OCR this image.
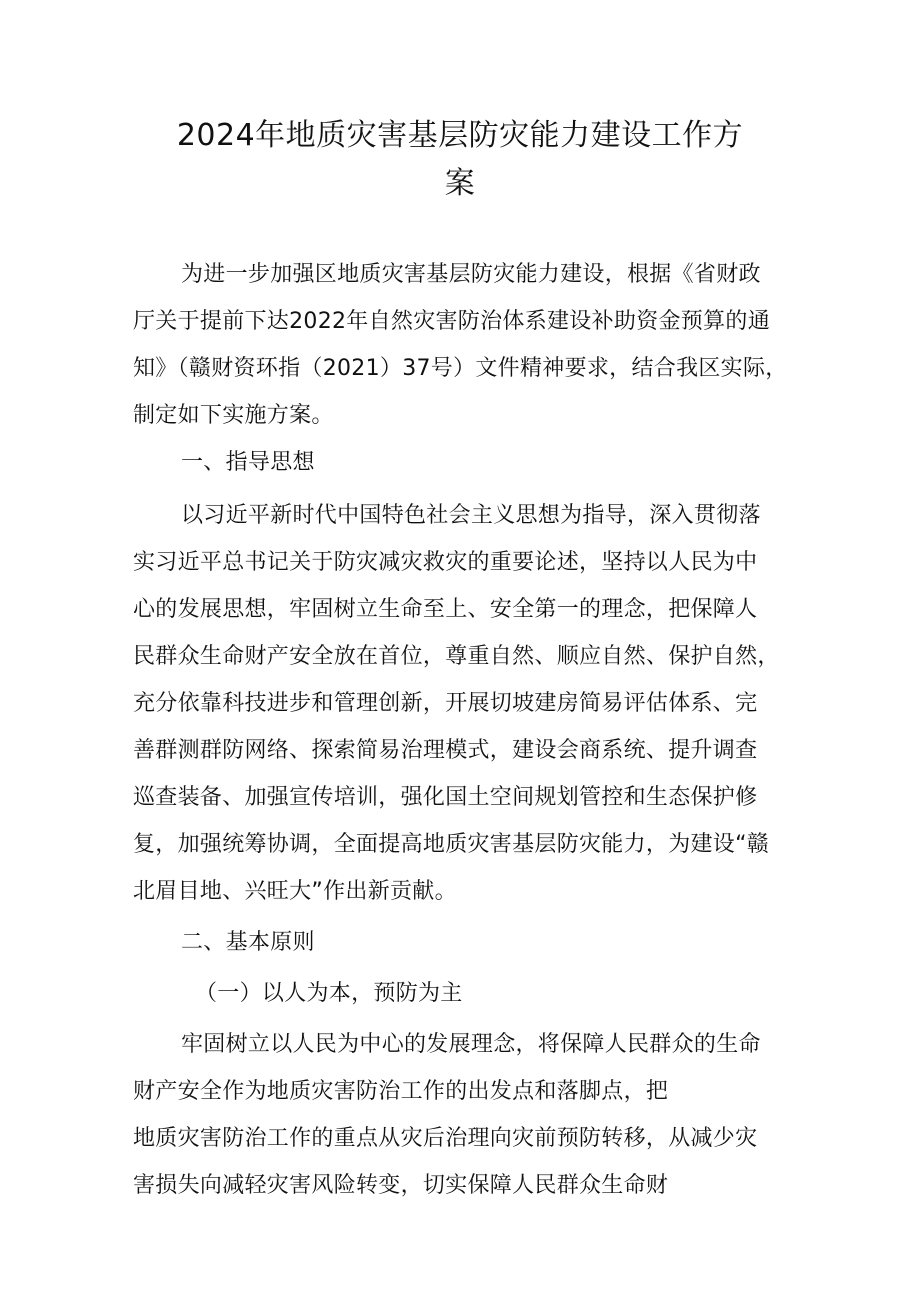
2024年地质灾害基层防灾能力建设工作方
案
为进一步加强区地质灾害基层防灾能力建设，根据《省财政
厅关于提前下达2022年自然灾害防治体系建设补助资金预算的通
知》（赣财资环指（2021）37号）文件精神要求，结合我区实际，
制定如下实施方案。
一、指导思想
以习近平新时代中国特色社会主义思想为指导，深入贯彻落
实习近平总书记关于防灾减灾救灾的重要论述，坚持以人民为中
心的发展思想，牢固树立生命至上、安全第一的理念，把保障人
民群众生命财产安全放在首位，尊重自然、顺应自然、保护自然，
充分依靠科技进步和管理创新，开展切坡建房简易评估体系、完
善群测群防网络、探索简易治理模式，建设会商系统、提升调查
巡查装备、加强宣传培训，强化国土空间规划管控和生态保护修
复，加强统筹协调，全面提高地质灾害基层防灾能力，为建设“赣
北眉目地、兴旺大”作出新贡献。
二、基本原则
（一）以人为本，预防为主
牢固树立以人民为中心的发展理念，将保障人民群众的生命
财产安全作为地质灾害防治工作的出发点和落脚点，把
地质灾害防治工作的重点从灾后治理向灾前预防转移，从减少灾
害损失向减轻灾害风险转变，切实保障人民群众生命财
